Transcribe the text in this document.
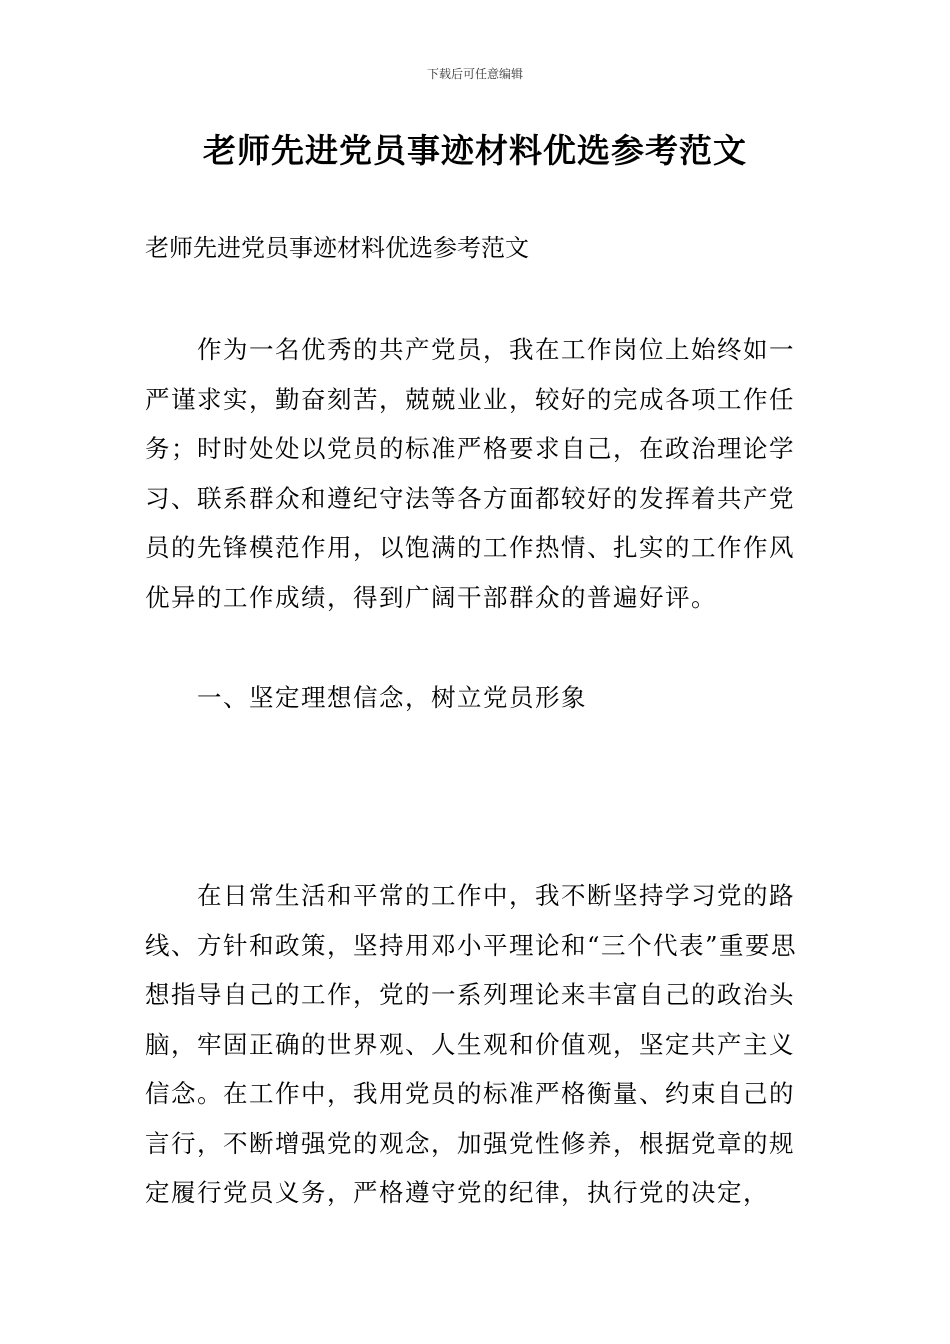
下载后可任意编辑
老师先进党员事迹材料优选参考范文
老师先进党员事迹材料优选参考范文
作为一名优秀的共产党员，我在工作岗位上始终如一严谨求实，勤奋刻苦，兢兢业业，较好的完成各项工作任务；时时处处以党员的标准严格要求自己，在政治理论学习、联系群众和遵纪守法等各方面都较好的发挥着共产党员的先锋模范作用，以饱满的工作热情、扎实的工作作风优异的工作成绩，得到广阔干部群众的普遍好评。
一、坚定理想信念，树立党员形象
在日常生活和平常的工作中，我不断坚持学习党的路线、方针和政策，坚持用邓小平理论和“三个代表”重要思想指导自己的工作，党的一系列理论来丰富自己的政治头脑，牢固正确的世界观、人生观和价值观，坚定共产主义信念。在工作中，我用党员的标准严格衡量、约束自己的言行，不断增强党的观念，加强党性修养，根据党章的规定履行党员义务，严格遵守党的纪律，执行党的决定，
